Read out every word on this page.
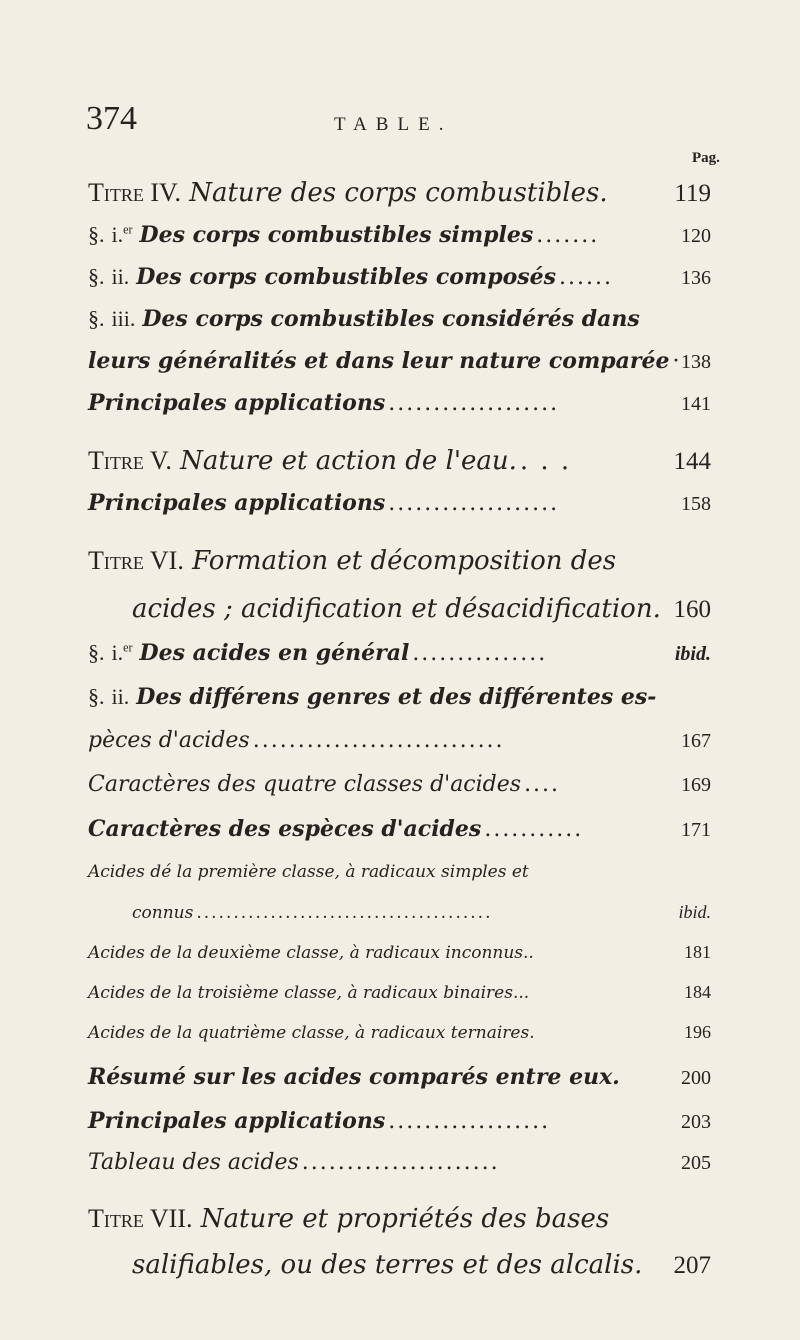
374	TABLE.
Pag.
Titre IV. Nature des corps combustibles.	119
§. i.$^{er}$ Des corps combustibles simples .......	120
§. ii. Des corps combustibles composés ......	136
§. iii. Des corps combustibles considérés dans
leurs généralités et dans leur nature comparée · 138
Principales applications ...................	141
Titre V. Nature et action de l'eau. . . .	144
Principales applications ...................	158
Titre VI. Formation et décomposition des
acides ; acidification et désacidification. 160
§. i.$^{er}$ Des acides en général ...............	ibid.
§. ii. Des différens genres et des différentes es-
pèces d'acides ............................	167
Caractères des quatre classes d'acides ....	169
Caractères des espèces d'acides ...........	171
Acides dé la première classe, à radicaux simples et
connus ........................................	ibid.
Acides de la deuxième classe, à radicaux inconnus..	181
Acides de la troisième classe, à radicaux binaires...	184
Acides de la quatrième classe, à radicaux ternaires.	196
Résumé sur les acides comparés entre eux.	200
Principales applications ..................	203
Tableau des acides ......................	205
Titre VII. Nature et propriétés des bases
salifiables, ou des terres et des alcalis. 207
